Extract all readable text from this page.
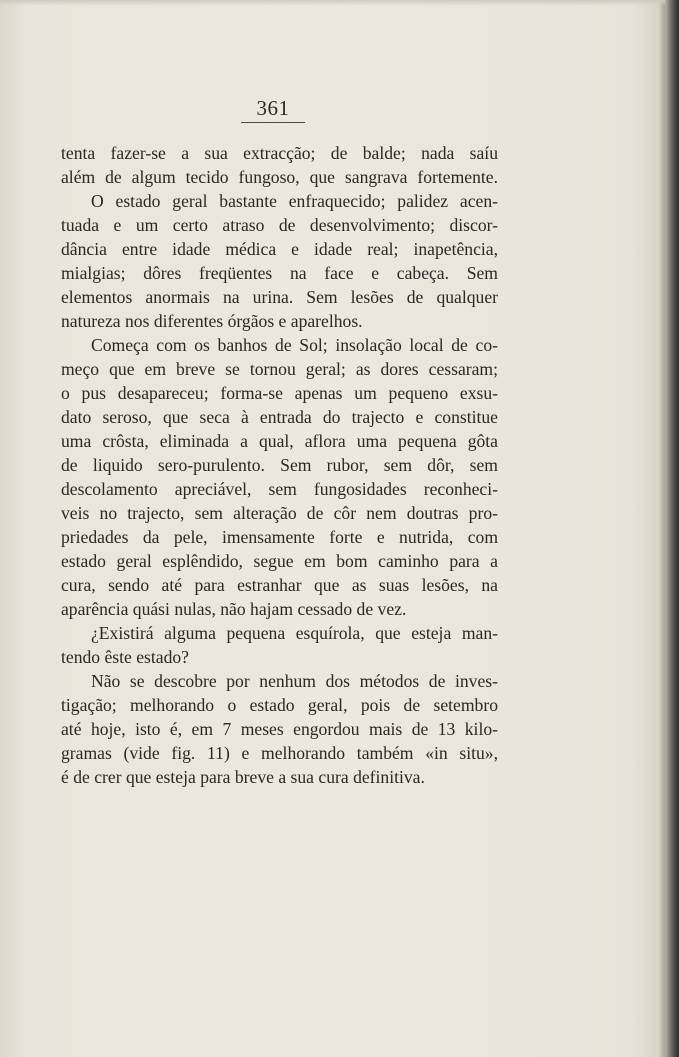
361
tenta fazer-se a sua extracção; de balde; nada saíu
além de algum tecido fungoso, que sangrava fortemente.
O estado geral bastante enfraquecido; palidez acen-
tuada e um certo atraso de desenvolvimento; discor-
dância entre idade médica e idade real; inapetência,
mialgias; dôres freqüentes na face e cabeça. Sem
elementos anormais na urina. Sem lesões de qualquer
natureza nos diferentes órgãos e aparelhos.
Começa com os banhos de Sol; insolação local de co-
meço que em breve se tornou geral; as dores cessaram;
o pus desapareceu; forma-se apenas um pequeno exsu-
dato seroso, que seca à entrada do trajecto e constitue
uma crôsta, eliminada a qual, aflora uma pequena gôta
de liquido sero-purulento. Sem rubor, sem dôr, sem
descolamento apreciável, sem fungosidades reconheci-
veis no trajecto, sem alteração de côr nem doutras pro-
priedades da pele, imensamente forte e nutrida, com
estado geral esplêndido, segue em bom caminho para a
cura, sendo até para estranhar que as suas lesões, na
aparência quási nulas, não hajam cessado de vez.
¿Existirá alguma pequena esquírola, que esteja man-
tendo êste estado?
Não se descobre por nenhum dos métodos de inves-
tigação; melhorando o estado geral, pois de setembro
até hoje, isto é, em 7 meses engordou mais de 13 kilo-
gramas (vide fig. 11) e melhorando também «in situ»,
é de crer que esteja para breve a sua cura definitiva.
